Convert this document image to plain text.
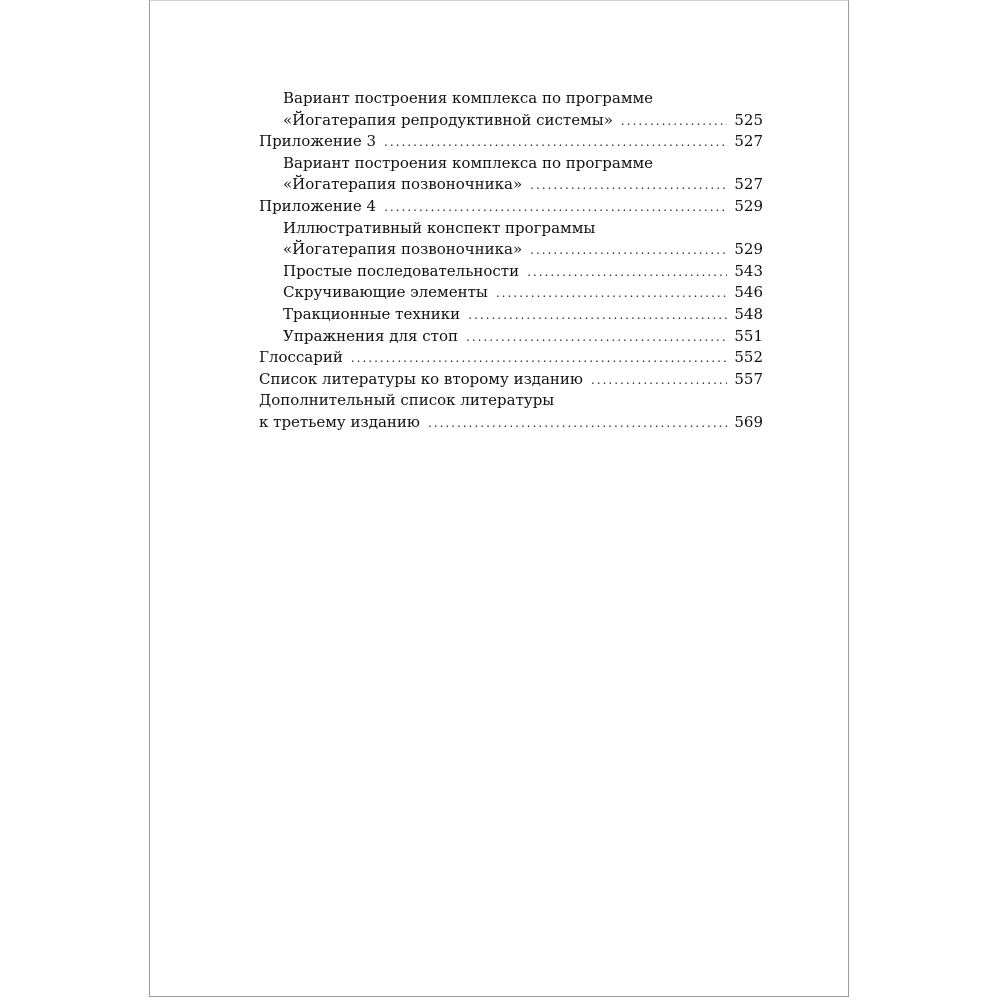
Вариант построения комплекса по программе
«Йогатерапия репродуктивной системы» .....	525
Приложение 3 .....	527
Вариант построения комплекса по программе
«Йогатерапия позвоночника» .....	527
Приложение 4 .....	529
Иллюстративный конспект программы
«Йогатерапия позвоночника» .....	529
Простые последовательности .....	543
Скручивающие элементы .....	546
Тракционные техники .....	548
Упражнения для стоп .....	551
Глоссарий .....	552
Список литературы ко второму изданию .....	557
Дополнительный список литературы
к третьему изданию .....	569
